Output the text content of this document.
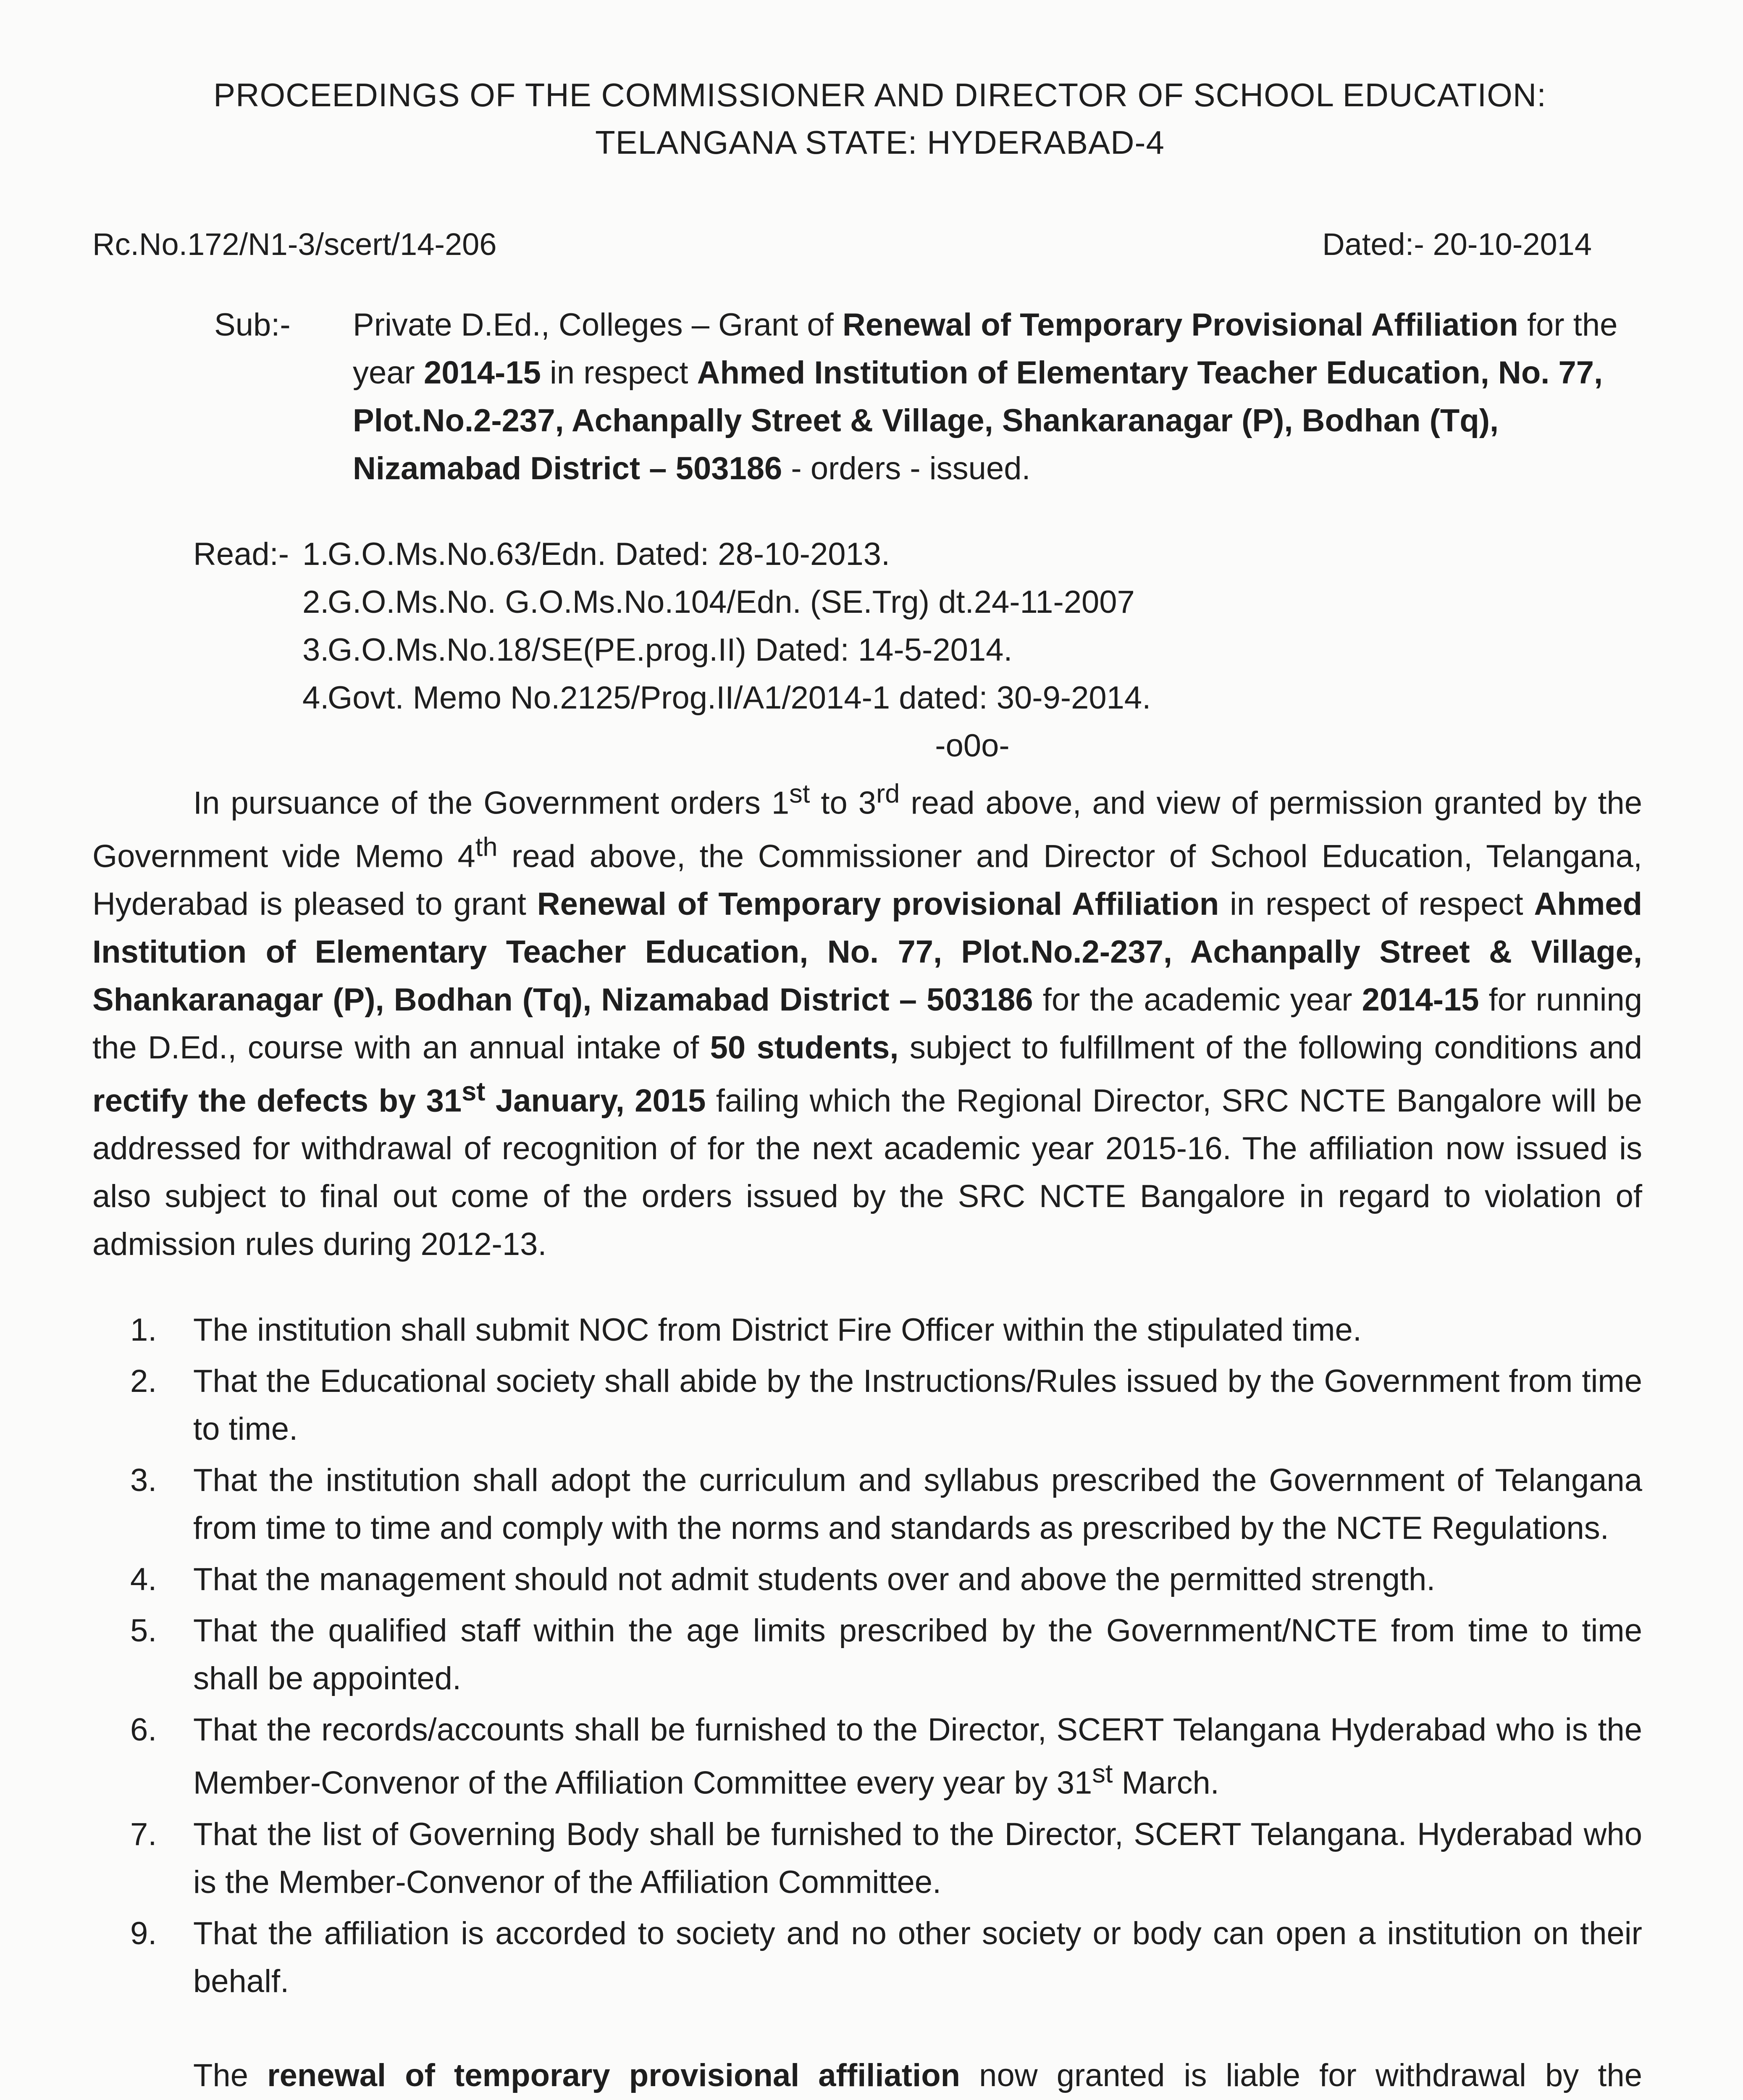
PROCEEDINGS OF THE COMMISSIONER AND DIRECTOR OF SCHOOL EDUCATION:
TELANGANA STATE: HYDERABAD-4
Rc.No.172/N1-3/scert/14-206	Dated:- 20-10-2014
Sub:-	Private D.Ed., Colleges – Grant of Renewal of Temporary Provisional Affiliation for the year 2014-15 in respect Ahmed Institution of Elementary Teacher Education, No. 77, Plot.No.2-237, Achanpally Street & Village, Shankaranagar (P), Bodhan (Tq), Nizamabad District – 503186 - orders - issued.
Read:- 1.
G.O.Ms.No.63/Edn. Dated: 28-10-2013.
2.
G.O.Ms.No. G.O.Ms.No.104/Edn. (SE.Trg) dt.24-11-2007
3.
G.O.Ms.No.18/SE(PE.prog.II) Dated: 14-5-2014.
4.
Govt. Memo No.2125/Prog.II/A1/2014-1 dated: 30-9-2014.
-o0o-

In pursuance of the Government orders 1st to 3rd read above, and view of permission granted by the Government vide Memo 4th read above, the Commissioner and Director of School Education, Telangana, Hyderabad is pleased to grant Renewal of Temporary provisional Affiliation in respect of respect Ahmed Institution of Elementary Teacher Education, No. 77, Plot.No.2-237, Achanpally Street & Village, Shankaranagar (P), Bodhan (Tq), Nizamabad District – 503186 for the academic year 2014-15 for running the D.Ed., course with an annual intake of 50 students, subject to fulfillment of the following conditions and rectify the defects by 31st January, 2015 failing which the Regional Director, SRC NCTE Bangalore will be addressed for withdrawal of recognition of for the next academic year 2015-16. The affiliation now issued is also subject to final out come of the orders issued by the SRC NCTE Bangalore in regard to violation of admission rules during 2012-13.

1.	The institution shall submit NOC from District Fire Officer within the stipulated time.
2.	That the Educational society shall abide by the Instructions/Rules issued by the Government from time to time.
3.	That the institution shall adopt the curriculum and syllabus prescribed the Government of Telangana from time to time and comply with the norms and standards as prescribed by the NCTE Regulations.
4.	That the management should not admit students over and above the permitted strength.
5.	That the qualified staff within the age limits prescribed by the Government/NCTE from time to time shall be appointed.
6.	That the records/accounts shall be furnished to the Director, SCERT Telangana Hyderabad who is the Member-Convenor of the Affiliation Committee every year by 31st March.
7.	That the list of Governing Body shall be furnished to the Director, SCERT Telangana. Hyderabad who is the Member-Convenor of the Affiliation Committee.
9.	That the affiliation is accorded to society and no other society or body can open a institution on their behalf.

The renewal of temporary provisional affiliation now granted is liable for withdrawal by the
